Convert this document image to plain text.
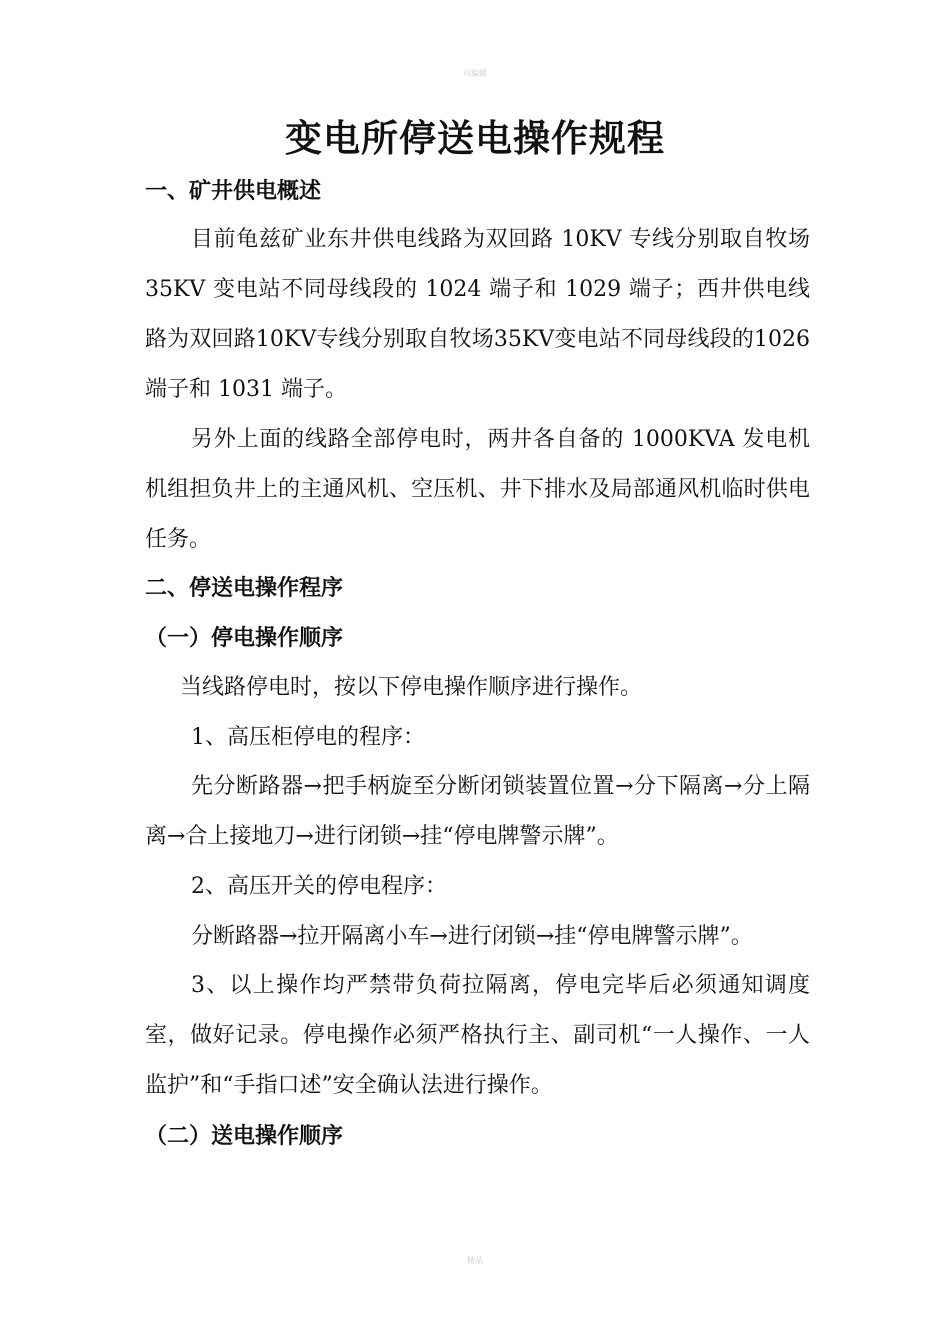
可编辑
变电所停送电操作规程
一、矿井供电概述
目前龟兹矿业东井供电线路为双回路 10KV 专线分别取自牧场 35KV 变电站不同母线段的 1024 端子和 1029 端子；西井供电线路为双回路10KV专线分别取自牧场35KV变电站不同母线段的1026 端子和 1031 端子。
另外上面的线路全部停电时，两井各自备的 1000KVA 发电机机组担负井上的主通风机、空压机、井下排水及局部通风机临时供电任务。
二、停送电操作程序
（一）停电操作顺序
当线路停电时，按以下停电操作顺序进行操作。
1、高压柜停电的程序：
先分断路器→把手柄旋至分断闭锁装置位置→分下隔离→分上隔离→合上接地刀→进行闭锁→挂“停电牌警示牌”。
2、高压开关的停电程序：
分断路器→拉开隔离小车→进行闭锁→挂“停电牌警示牌”。
3、以上操作均严禁带负荷拉隔离，停电完毕后必须通知调度室，做好记录。停电操作必须严格执行主、副司机“一人操作、一人监护”和“手指口述”安全确认法进行操作。
（二）送电操作顺序
精品
